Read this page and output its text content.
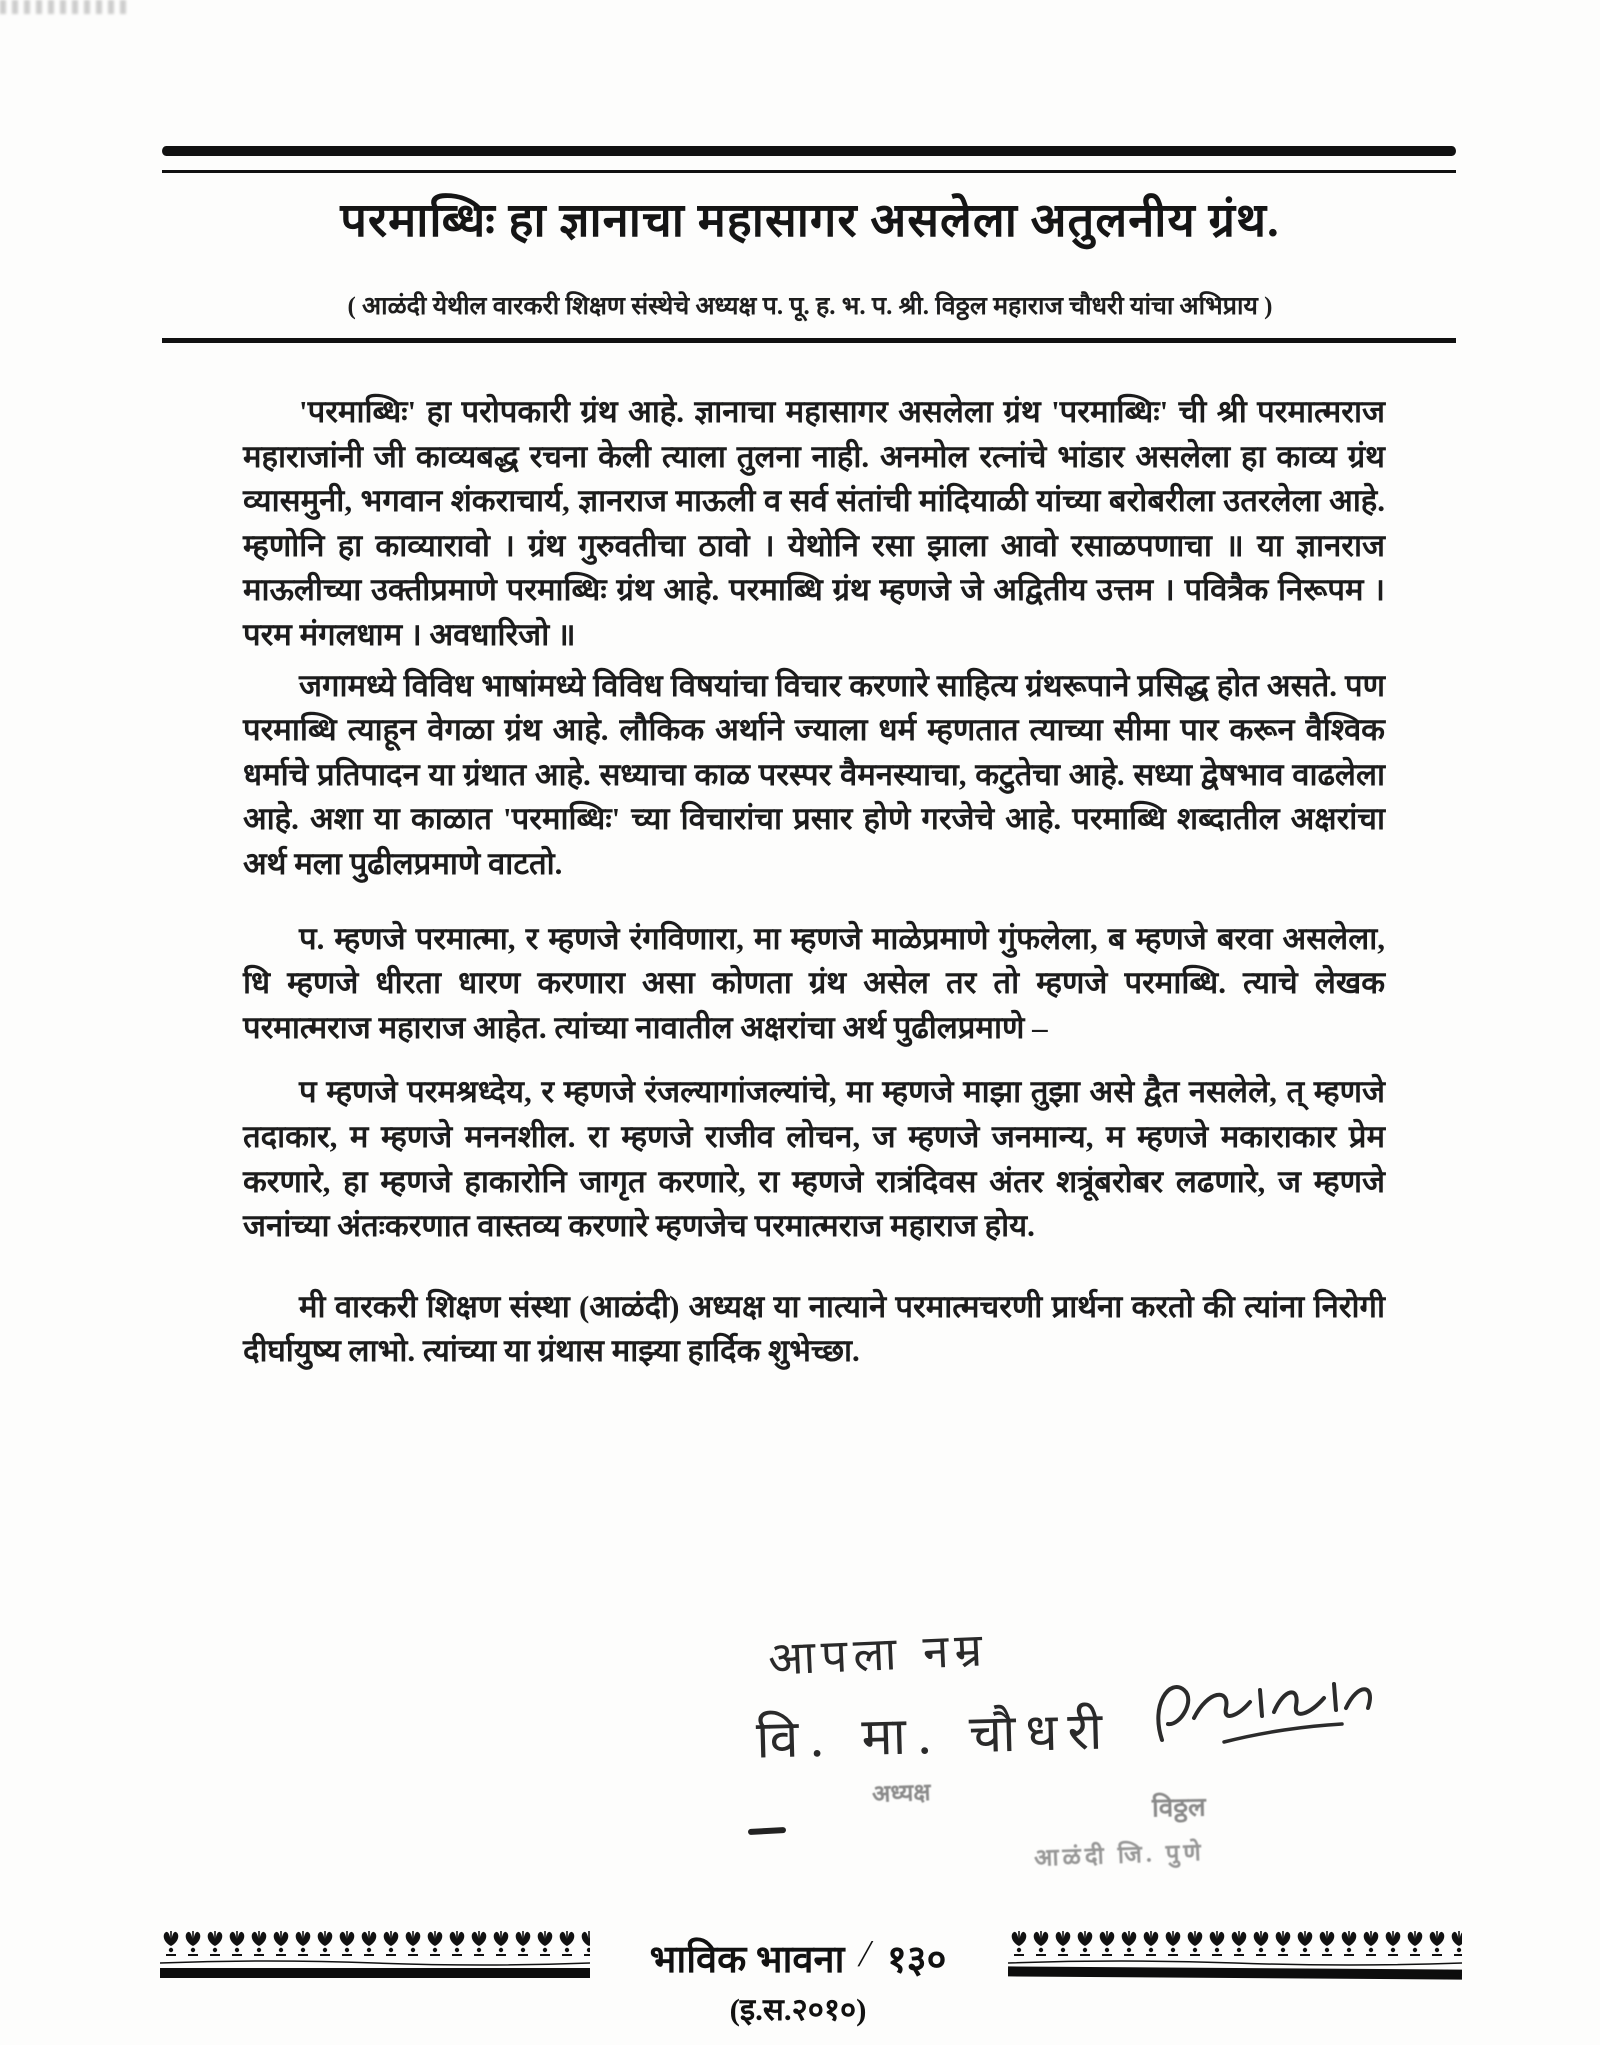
परमाब्धिः हा ज्ञानाचा महासागर असलेला अतुलनीय ग्रंथ.
( आळंदी येथील वारकरी शिक्षण संस्थेचे अध्यक्ष प. पू. ह. भ. प. श्री. विठ्ठल महाराज चौधरी यांचा अभिप्राय )

'परमाब्धिः' हा परोपकारी ग्रंथ आहे. ज्ञानाचा महासागर असलेला ग्रंथ 'परमाब्धिः' ची श्री परमात्मराज महाराजांनी जी काव्यबद्ध रचना केली त्याला तुलना नाही. अनमोल रत्नांचे भांडार असलेला हा काव्य ग्रंथ व्यासमुनी, भगवान शंकराचार्य, ज्ञानराज माऊली व सर्व संतांची मांदियाळी यांच्या बरोबरीला उतरलेला आहे. म्हणोनि हा काव्यारावो । ग्रंथ गुरुवतीचा ठावो । येथोनि रसा झाला आवो रसाळपणाचा ॥ या ज्ञानराज माऊलीच्या उक्तीप्रमाणे परमाब्धिः ग्रंथ आहे. परमाब्धि ग्रंथ म्हणजे जे अद्वितीय उत्तम । पवित्रैक निरूपम । परम मंगलधाम । अवधारिजो ॥

जगामध्ये विविध भाषांमध्ये विविध विषयांचा विचार करणारे साहित्य ग्रंथरूपाने प्रसिद्ध होत असते. पण परमाब्धि त्याहून वेगळा ग्रंथ आहे. लौकिक अर्थाने ज्याला धर्म म्हणतात त्याच्या सीमा पार करून वैश्विक धर्माचे प्रतिपादन या ग्रंथात आहे. सध्याचा काळ परस्पर वैमनस्याचा, कटुतेचा आहे. सध्या द्वेषभाव वाढलेला आहे. अशा या काळात 'परमाब्धिः' च्या विचारांचा प्रसार होणे गरजेचे आहे. परमाब्धि शब्दातील अक्षरांचा अर्थ मला पुढीलप्रमाणे वाटतो.

प. म्हणजे परमात्मा, र म्हणजे रंगविणारा, मा म्हणजे माळेप्रमाणे गुंफलेला, ब म्हणजे बरवा असलेला, धि म्हणजे धीरता धारण करणारा असा कोणता ग्रंथ असेल तर तो म्हणजे परमाब्धि. त्याचे लेखक परमात्मराज महाराज आहेत. त्यांच्या नावातील अक्षरांचा अर्थ पुढीलप्रमाणे –

प म्हणजे परमश्रध्देय, र म्हणजे रंजल्यागांजल्यांचे, मा म्हणजे माझा तुझा असे द्वैत नसलेले, त् म्हणजे तदाकार, म म्हणजे मननशील. रा म्हणजे राजीव लोचन, ज म्हणजे जनमान्य, म म्हणजे मकाराकार प्रेम करणारे, हा म्हणजे हाकारोनि जागृत करणारे, रा म्हणजे रात्रंदिवस अंतर शत्रूंबरोबर लढणारे, ज म्हणजे जनांच्या अंतःकरणात वास्तव्य करणारे म्हणजेच परमात्मराज महाराज होय.

मी वारकरी शिक्षण संस्था (आळंदी) अध्यक्ष या नात्याने परमात्मचरणी प्रार्थना करतो की त्यांना निरोगी दीर्घायुष्य लाभो. त्यांच्या या ग्रंथास माझ्या हार्दिक शुभेच्छा.

आपला नम्र
वि. मा. चौधरी
अध्यक्ष	विठ्ठल
आळंदी जि. पुणे
भाविक भावना / १३०
(इ.स.२०१०)
